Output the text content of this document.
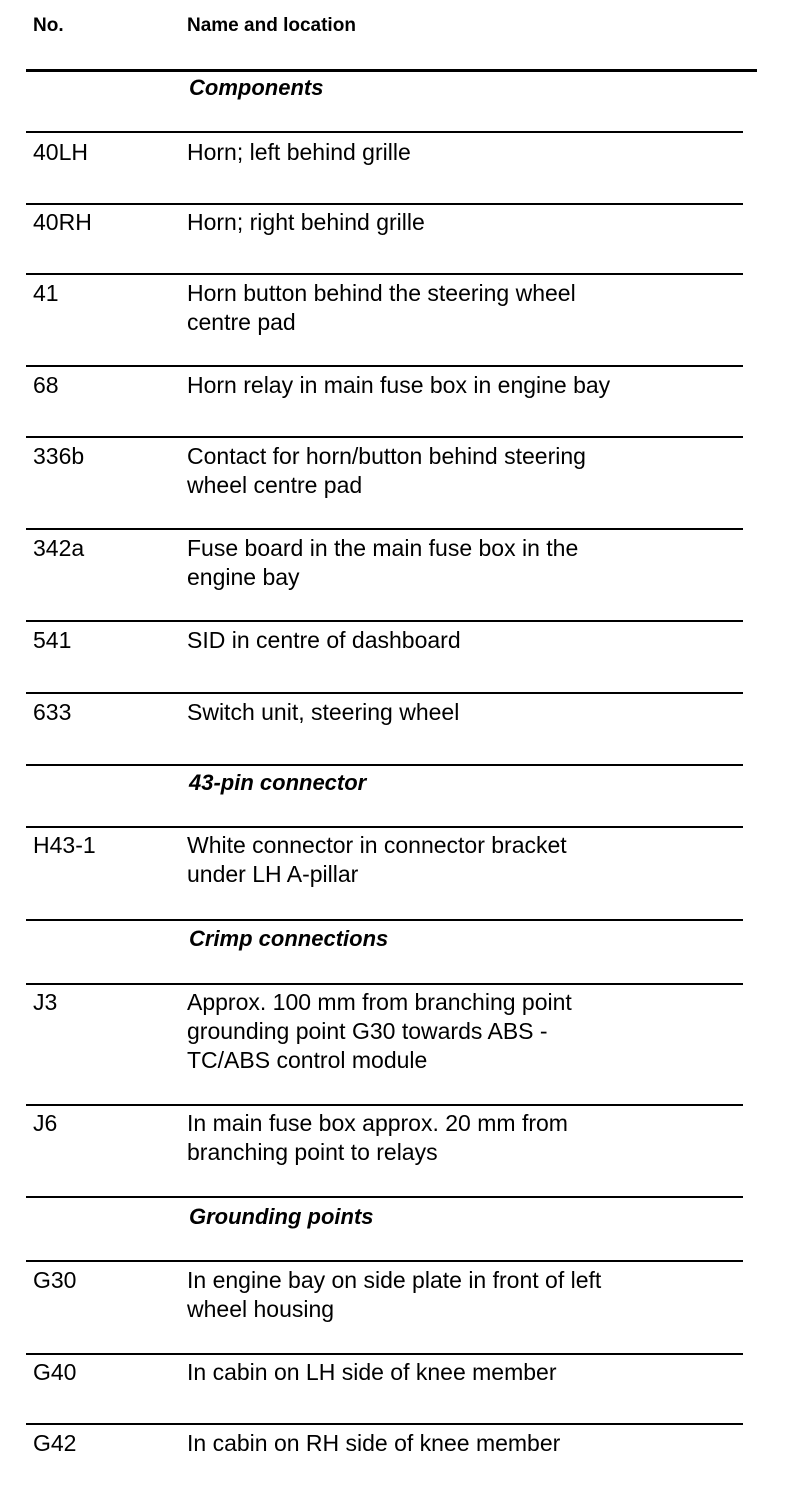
No.	Name and location
Components
40LH	Horn; left behind grille
40RH	Horn; right behind grille
41	Horn button behind the steering wheel
centre pad
68	Horn relay in main fuse box in engine bay
336b	Contact for horn/button behind steering
wheel centre pad
342a	Fuse board in the main fuse box in the
engine bay
541	SID in centre of dashboard
633	Switch unit, steering wheel
43-pin connector
H43-1	White connector in connector bracket
under LH A-pillar
Crimp connections
J3	Approx. 100 mm from branching point
grounding point G30 towards ABS -
TC/ABS control module
J6	In main fuse box approx. 20 mm from
branching point to relays
Grounding points
G30	In engine bay on side plate in front of left
wheel housing
G40	In cabin on LH side of knee member
G42	In cabin on RH side of knee member
